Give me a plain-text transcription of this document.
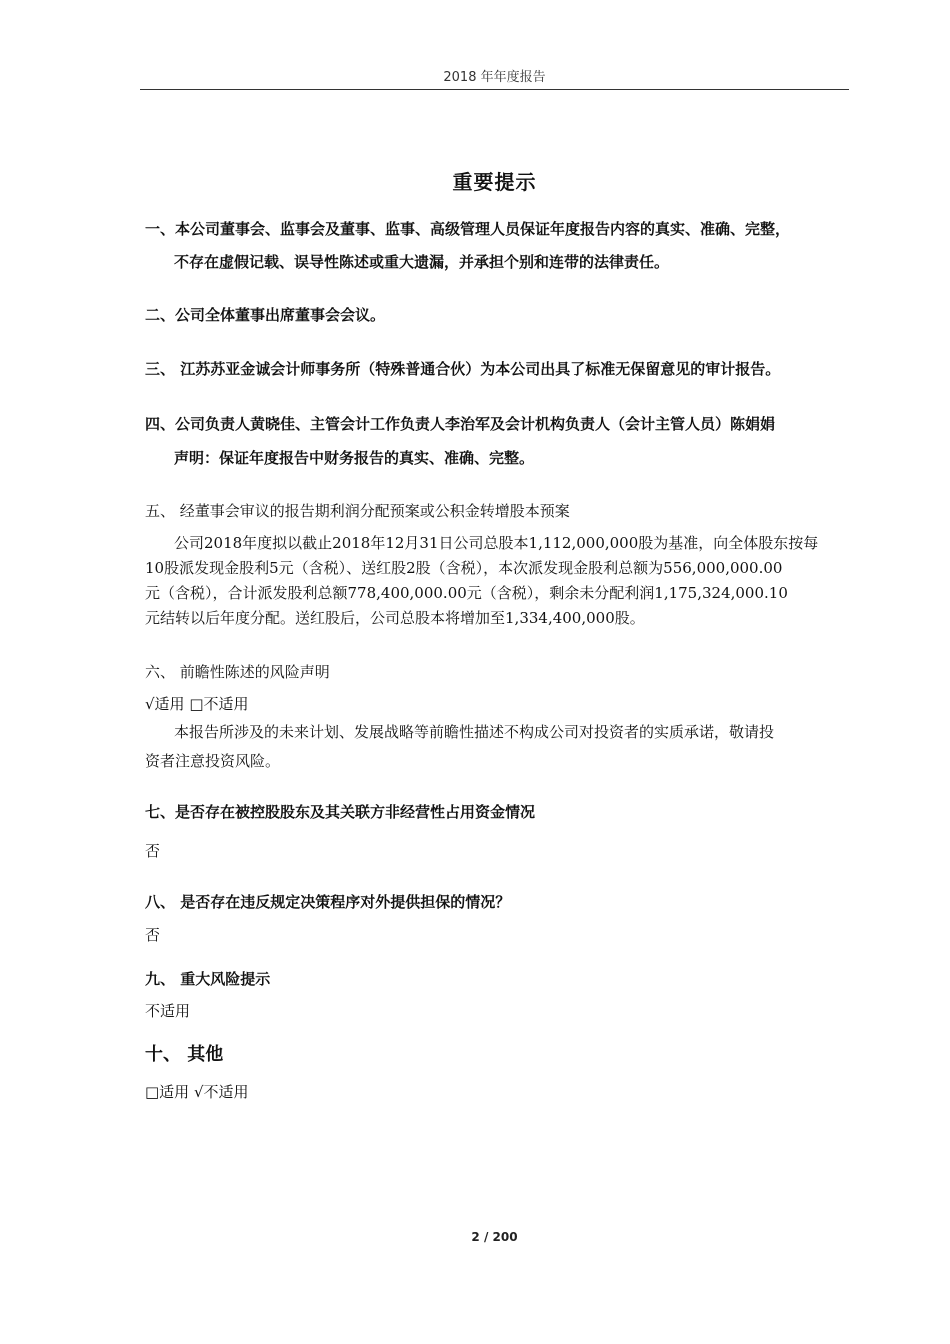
2018 年年度报告
重要提示
一、本公司董事会、监事会及董事、监事、高级管理人员保证年度报告内容的真实、准确、完整，
不存在虚假记载、误导性陈述或重大遗漏，并承担个别和连带的法律责任。
二、公司全体董事出席董事会会议。
三、 江苏苏亚金诚会计师事务所（特殊普通合伙）为本公司出具了标准无保留意见的审计报告。
四、公司负责人黄晓佳、主管会计工作负责人李治军及会计机构负责人（会计主管人员）陈娟娟
声明：保证年度报告中财务报告的真实、准确、完整。
五、 经董事会审议的报告期利润分配预案或公积金转增股本预案
公司2018年度拟以截止2018年12月31日公司总股本1,112,000,000股为基准，向全体股东按每
10股派发现金股利5元（含税）、送红股2股（含税），本次派发现金股利总额为556,000,000.00
元（含税），合计派发股利总额778,400,000.00元（含税），剩余未分配利润1,175,324,000.10
元结转以后年度分配。送红股后，公司总股本将增加至1,334,400,000股。
六、 前瞻性陈述的风险声明
√适用 □不适用
本报告所涉及的未来计划、发展战略等前瞻性描述不构成公司对投资者的实质承诺，敬请投
资者注意投资风险。
七、是否存在被控股股东及其关联方非经营性占用资金情况
否
八、 是否存在违反规定决策程序对外提供担保的情况？
否
九、 重大风险提示
不适用
十、 其他
□适用 √不适用
2 / 200
